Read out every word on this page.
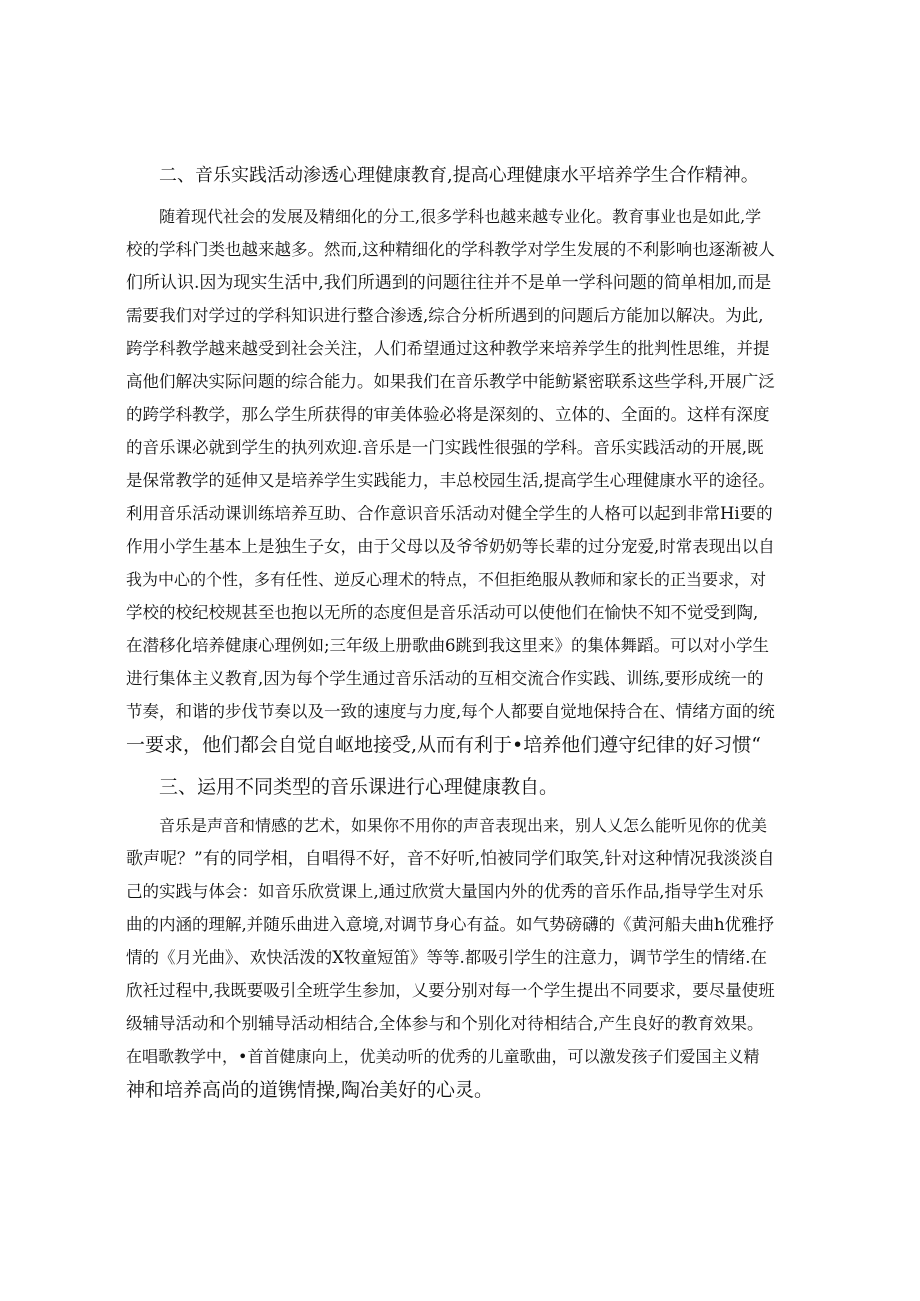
二、音乐实践活动渗透心理健康教育,提高心理健康水平培养学生合作精神。
随着现代社会的发展及精细化的分工,很多学科也越来越专业化。教育事业也是如此,学
校的学科门类也越来越多。然而,这种精细化的学科教学对学生发展的不利影响也逐渐被人
们所认识.因为现实生活中,我们所遇到的问题往往并不是单一学科问题的简单相加,而是
需要我们对学过的学科知识进行整合渗透,综合分析所遇到的问题后方能加以解决。为此,
跨学科教学越来越受到社会关注，人们希望通过这种教学来培养学生的批判性思维，并提
高他们解决实际问题的综合能力。如果我们在音乐教学中能鲂紧密联系这些学科,开展广泛
的跨学科教学，那么学生所获得的审美体验必将是深刻的、立体的、全面的。这样有深度
的音乐课必就到学生的执列欢迎.音乐是一门实践性很强的学科。音乐实践活动的开展,既
是保常教学的延伸又是培养学生实践能力，丰总校园生活,提高学生心理健康水平的途径。
利用音乐活动课训练培养互助、合作意识音乐活动对健全学生的人格可以起到非常Hi要的
作用小学生基本上是独生子女，由于父母以及爷爷奶奶等长辈的过分宠爱,时常表现出以自
我为中心的个性，多有任性、逆反心理术的特点，不但拒绝服从教师和家长的正当要求，对
学校的校纪校规甚至也抱以无所的态度但是音乐活动可以使他们在愉快不知不觉受到陶,
在潜移化培养健康心理例如;三年级上册歌曲6跳到我这里来》的集体舞蹈。可以对小学生
进行集体主义教育,因为每个学生通过音乐活动的互相交流合作实践、训练,要形成统一的
节奏，和谐的步伐节奏以及一致的速度与力度,每个人都要自觉地保持合在、情绪方面的统
一要求，他们都会自觉自岖地接受,从而有利于•培养他们遵守纪律的好习惯“
三、运用不同类型的音乐课进行心理健康教自。
音乐是声音和情感的艺术，如果你不用你的声音表现出来，别人乂怎么能听见你的优美
歌声呢？”有的同学相，自唱得不好，音不好听,怕被同学们取笑,针对这种情况我淡淡自
己的实践与体会：如音乐欣赏课上,通过欣赏大量国内外的优秀的音乐作品,指导学生对乐
曲的内涵的理解,并随乐曲进入意境,对调节身心有益。如气势磅礴的《黄河船夫曲h优雅抒
情的《月光曲》、欢快活泼的X牧童短笛》等等.都吸引学生的注意力，调节学生的情绪.在
欣衽过程中,我既要吸引全班学生参加，乂要分别对每一个学生提出不同要求，要尽量使班
级辅导活动和个别辅导活动相结合,全体参与和个别化对待相结合,产生良好的教育效果。
在唱歌教学中，•首首健康向上，优美动听的优秀的儿童歌曲，可以激发孩子们爱国主义精
神和培养高尚的道镌情操,陶冶美好的心灵。
